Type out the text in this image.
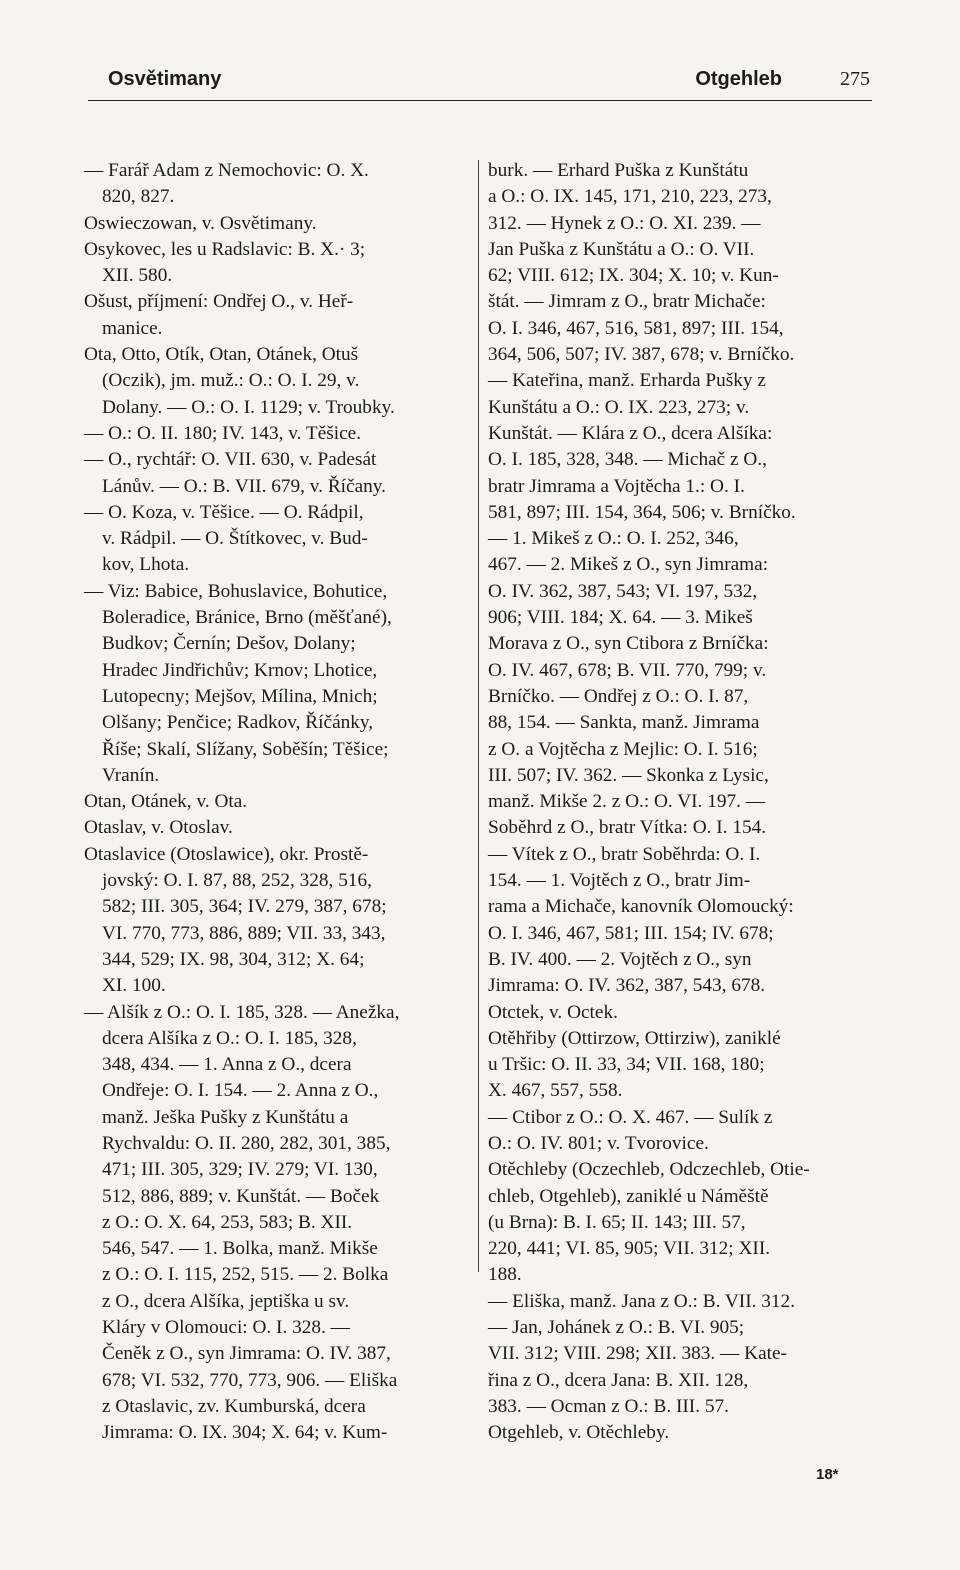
Osvětimany	Otgehleb	275
— Farář Adam z Nemochovic: O. X.
820, 827.
Oswieczowan, v. Osvětimany.
Osykovec, les u Radslavic: B. X.· 3;
XII. 580.
Ošust, příjmení: Ondřej O., v. Heř-
manice.
Ota, Otto, Otík, Otan, Otánek, Otuš
(Oczik), jm. muž.: O.: O. I. 29, v.
Dolany. — O.: O. I. 1129; v. Troubky.
— O.: O. II. 180; IV. 143, v. Těšice.
— O., rychtář: O. VII. 630, v. Padesát
Lánův. — O.: B. VII. 679, v. Říčany.
— O. Koza, v. Těšice. — O. Rádpil,
v. Rádpil. — O. Štítkovec, v. Bud-
kov, Lhota.
— Viz: Babice, Bohuslavice, Bohutice,
Boleradice, Bránice, Brno (měšťané),
Budkov; Černín; Dešov, Dolany;
Hradec Jindřichův; Krnov; Lhotice,
Lutopecny; Mejšov, Mílina, Mnich;
Olšany; Penčice; Radkov, Říčánky,
Říše; Skalí, Slížany, Soběšín; Těšice;
Vranín.
Otan, Otánek, v. Ota.
Otaslav, v. Otoslav.
Otaslavice (Otoslawice), okr. Prostě-
jovský: O. I. 87, 88, 252, 328, 516,
582; III. 305, 364; IV. 279, 387, 678;
VI. 770, 773, 886, 889; VII. 33, 343,
344, 529; IX. 98, 304, 312; X. 64;
XI. 100.
— Alšík z O.: O. I. 185, 328. — Anežka,
dcera Alšíka z O.: O. I. 185, 328,
348, 434. — 1. Anna z O., dcera
Ondřeje: O. I. 154. — 2. Anna z O.,
manž. Ješka Pušky z Kunštátu a
Rychvaldu: O. II. 280, 282, 301, 385,
471; III. 305, 329; IV. 279; VI. 130,
512, 886, 889; v. Kunštát. — Boček
z O.: O. X. 64, 253, 583; B. XII.
546, 547. — 1. Bolka, manž. Mikše
z O.: O. I. 115, 252, 515. — 2. Bolka
z O., dcera Alšíka, jeptiška u sv.
Kláry v Olomouci: O. I. 328. —
Čeněk z O., syn Jimrama: O. IV. 387,
678; VI. 532, 770, 773, 906. — Eliška
z Otaslavic, zv. Kumburská, dcera
Jimrama: O. IX. 304; X. 64; v. Kum-
burk. — Erhard Puška z Kunštátu
a O.: O. IX. 145, 171, 210, 223, 273,
312. — Hynek z O.: O. XI. 239. —
Jan Puška z Kunštátu a O.: O. VII.
62; VIII. 612; IX. 304; X. 10; v. Kun-
štát. — Jimram z O., bratr Michače:
O. I. 346, 467, 516, 581, 897; III. 154,
364, 506, 507; IV. 387, 678; v. Brníčko.
— Kateřina, manž. Erharda Pušky z
Kunštátu a O.: O. IX. 223, 273; v.
Kunštát. — Klára z O., dcera Alšíka:
O. I. 185, 328, 348. — Michač z O.,
bratr Jimrama a Vojtěcha 1.: O. I.
581, 897; III. 154, 364, 506; v. Brníčko.
— 1. Mikeš z O.: O. I. 252, 346,
467. — 2. Mikeš z O., syn Jimrama:
O. IV. 362, 387, 543; VI. 197, 532,
906; VIII. 184; X. 64. — 3. Mikeš
Morava z O., syn Ctibora z Brníčka:
O. IV. 467, 678; B. VII. 770, 799; v.
Brníčko. — Ondřej z O.: O. I. 87,
88, 154. — Sankta, manž. Jimrama
z O. a Vojtěcha z Mejlic: O. I. 516;
III. 507; IV. 362. — Skonka z Lysic,
manž. Mikše 2. z O.: O. VI. 197. —
Soběhrd z O., bratr Vítka: O. I. 154.
— Vítek z O., bratr Soběhrda: O. I.
154. — 1. Vojtěch z O., bratr Jim-
rama a Michače, kanovník Olomoucký:
O. I. 346, 467, 581; III. 154; IV. 678;
B. IV. 400. — 2. Vojtěch z O., syn
Jimrama: O. IV. 362, 387, 543, 678.
Otctek, v. Octek.
Otěhřiby (Ottirzow, Ottirziw), zaniklé
u Tršic: O. II. 33, 34; VII. 168, 180;
X. 467, 557, 558.
— Ctibor z O.: O. X. 467. — Sulík z
O.: O. IV. 801; v. Tvorovice.
Otěchleby (Oczechleb, Odczechleb, Otie-
chleb, Otgehleb), zaniklé u Náměště
(u Brna): B. I. 65; II. 143; III. 57,
220, 441; VI. 85, 905; VII. 312; XII.
188.
— Eliška, manž. Jana z O.: B. VII. 312.
— Jan, Johánek z O.: B. VI. 905;
VII. 312; VIII. 298; XII. 383. — Kate-
řina z O., dcera Jana: B. XII. 128,
383. — Ocman z O.: B. III. 57.
Otgehleb, v. Otěchleby.
18*
